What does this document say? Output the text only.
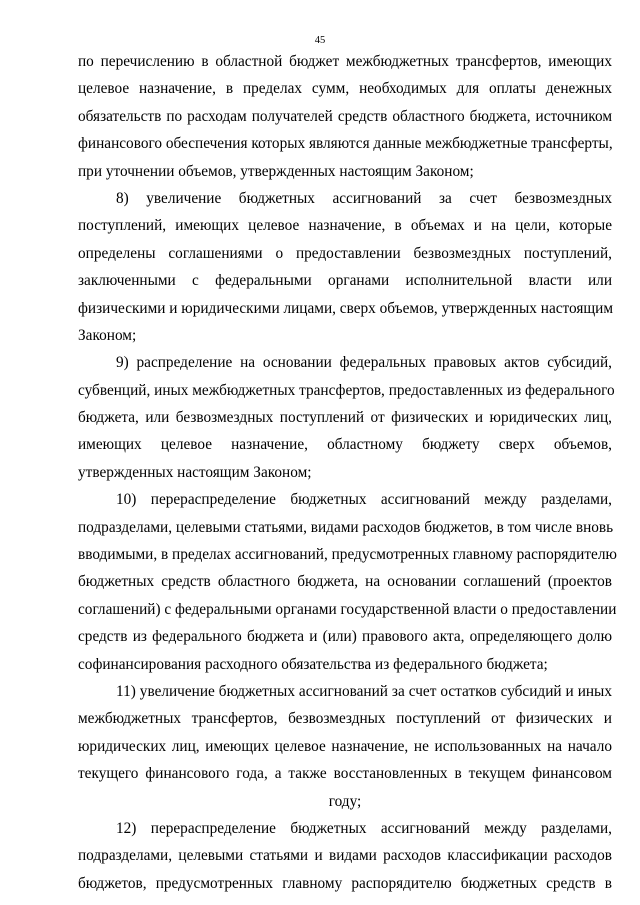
45
по перечислению в областной бюджет межбюджетных трансфертов, имеющих
целевое назначение, в пределах сумм, необходимых для оплаты денежных
обязательств по расходам получателей средств областного бюджета, источником
финансового обеспечения которых являются данные межбюджетные трансферты,
при уточнении объемов, утвержденных настоящим Законом;
8) увеличение бюджетных ассигнований за счет безвозмездных
поступлений, имеющих целевое назначение, в объемах и на цели, которые
определены соглашениями о предоставлении безвозмездных поступлений,
заключенными с федеральными органами исполнительной власти или
физическими и юридическими лицами, сверх объемов, утвержденных настоящим
Законом;
9) распределение на основании федеральных правовых актов субсидий,
субвенций, иных межбюджетных трансфертов, предоставленных из федерального
бюджета, или безвозмездных поступлений от физических и юридических лиц,
имеющих целевое назначение, областному бюджету сверх объемов,
утвержденных настоящим Законом;
10) перераспределение бюджетных ассигнований между разделами,
подразделами, целевыми статьями, видами расходов бюджетов, в том числе вновь
вводимыми, в пределах ассигнований, предусмотренных главному распорядителю
бюджетных средств областного бюджета, на основании соглашений (проектов
соглашений) с федеральными органами государственной власти о предоставлении
средств из федерального бюджета и (или) правового акта, определяющего долю
софинансирования расходного обязательства из федерального бюджета;
11) увеличение бюджетных ассигнований за счет остатков субсидий и иных
межбюджетных трансфертов, безвозмездных поступлений от физических и
юридических лиц, имеющих целевое назначение, не использованных на начало
текущего финансового года, а также восстановленных в текущем финансовом
году;
12) перераспределение бюджетных ассигнований между разделами,
подразделами, целевыми статьями и видами расходов классификации расходов
бюджетов, предусмотренных главному распорядителю бюджетных средств в
